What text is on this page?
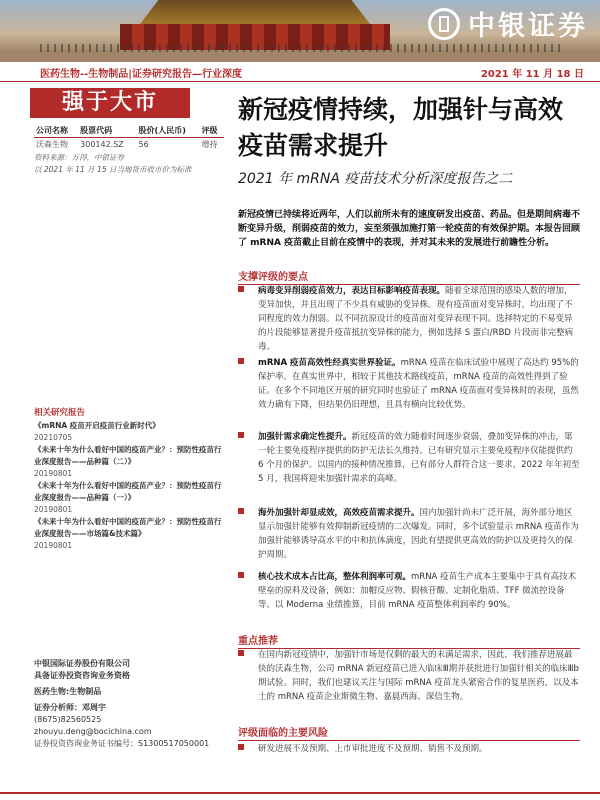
中银证券
医药生物--生物制品|证券研究报告—行业深度	2021 年 11 月 18 日
强于大市	新冠疫情持续，加强针与高效疫苗需求提升
2021 年 mRNA 疫苗技术分析深度报告之二
公司名称	股票代码	股价(人民币)	评级
沃森生物	300142.SZ	56	增持
资料来源：万得，中银证券
以 2021 年 11 月 15 日当地货币收市价为标准
新冠疫情已持续将近两年，人们以前所未有的速度研发出疫苗、药品。但是期间病毒不断变异升级，削弱疫苗的效力，妄至须强加施打第一轮疫苗的有效保护期。本报告回顾了 mRNA 疫苗截止目前在疫情中的表现，并对其未来的发展进行前瞻性分析。
支撑评级的要点
病毒变异削弱疫苗效力，表达目标影响疫苗表现。随着全球范围的感染人数的增加，变异加快，并且出现了不少具有威胁的变异株。现有疫苗面对变异株时，均出现了不同程度的效力削弱。以不同抗原设计的疫苗面对变异表现不同。选择特定的不易变异的片段能够显著提升疫苗抵抗变异株的能力，例如选择 S 蛋白/RBD 片段而非完整病毒。
mRNA 疫苗高效性经真实世界验证。mRNA 疫苗在临床试验中展现了高达约 95%的保护率。在真实世界中，相较于其他技术路线疫苗，mRNA 疫苗的高效性得到了验证。在多个不同地区开展的研究同时也验证了 mRNA 疫苗面对变异株时的表现，虽然效力确有下降，但结果仍旧理想，且具有横向比较优势。
加强针需求确定性提升。新冠疫苗的效力随着时间逐步衰弱，叠加变异株的冲击，第一轮主要免疫程序提供的防护无法长久维持。已有研究显示主要免疫程序仅能提供约 6 个月的保护。以国内的接种情况推算，已有部分人群符合这一要求，2022 年年初至 5 月，我国将迎来加强针需求的高峰。
海外加强针却显成效，高效疫苗需求提升。国内加强针尚未广泛开展，海外部分地区显示加强针能够有效抑制新冠疫情的二次爆发。同时，多个试验显示 mRNA 疫苗作为加强针能够诱导高水平的中和抗体滴度，因此有望提供更高效的防护以及更持久的保护周期。
核心技术成本占比高，整体利润率可观。mRNA 疫苗生产成本主要集中于具有高技术壁垒的原料及设备，例如：加帽反应物、假核苷酸、定制化脂质、TFF 微流控设备等。以 Moderna 业绩推算，目前 mRNA 疫苗整体利润率约 90%。
重点推荐
在国内新冠疫情中，加强针市场是仅剩的最大的未满足需求，因此，我们推荐进展最快的沃森生物，公司 mRNA 新冠疫苗已进入临床Ⅲ期并获批进行加强针相关的临床Ⅲb 期试验。同时，我们也建议关注与国际 mRNA 疫苗龙头紧密合作的复星医药，以及本土的 mRNA 疫苗企业斯微生物、嘉晨西海、深信生物。
评级面临的主要风险
研发进展不及预期、上市审批进度不及预期、销售不及预期。
相关研究报告
《mRNA 疫苗开启疫苗行业新时代》
20210705
《未来十年为什么看好中国的疫苗产业？：预防性疫苗行业深度报告——品种篇（二）》
20190801
《未来十年为什么看好中国的疫苗产业？：预防性疫苗行业深度报告——品种篇（一）》
20190801
《未来十年为什么看好中国的疫苗产业？：预防性疫苗行业深度报告——市场篇&技术篇》
20190801
中银国际证券股份有限公司
具备证券投资咨询业务资格
医药生物:生物制品
证券分析师：邓周宇
(8675)82560525
zhouyu.deng@bocichina.com
证券投资咨询业务证书编号：S1300517050001
